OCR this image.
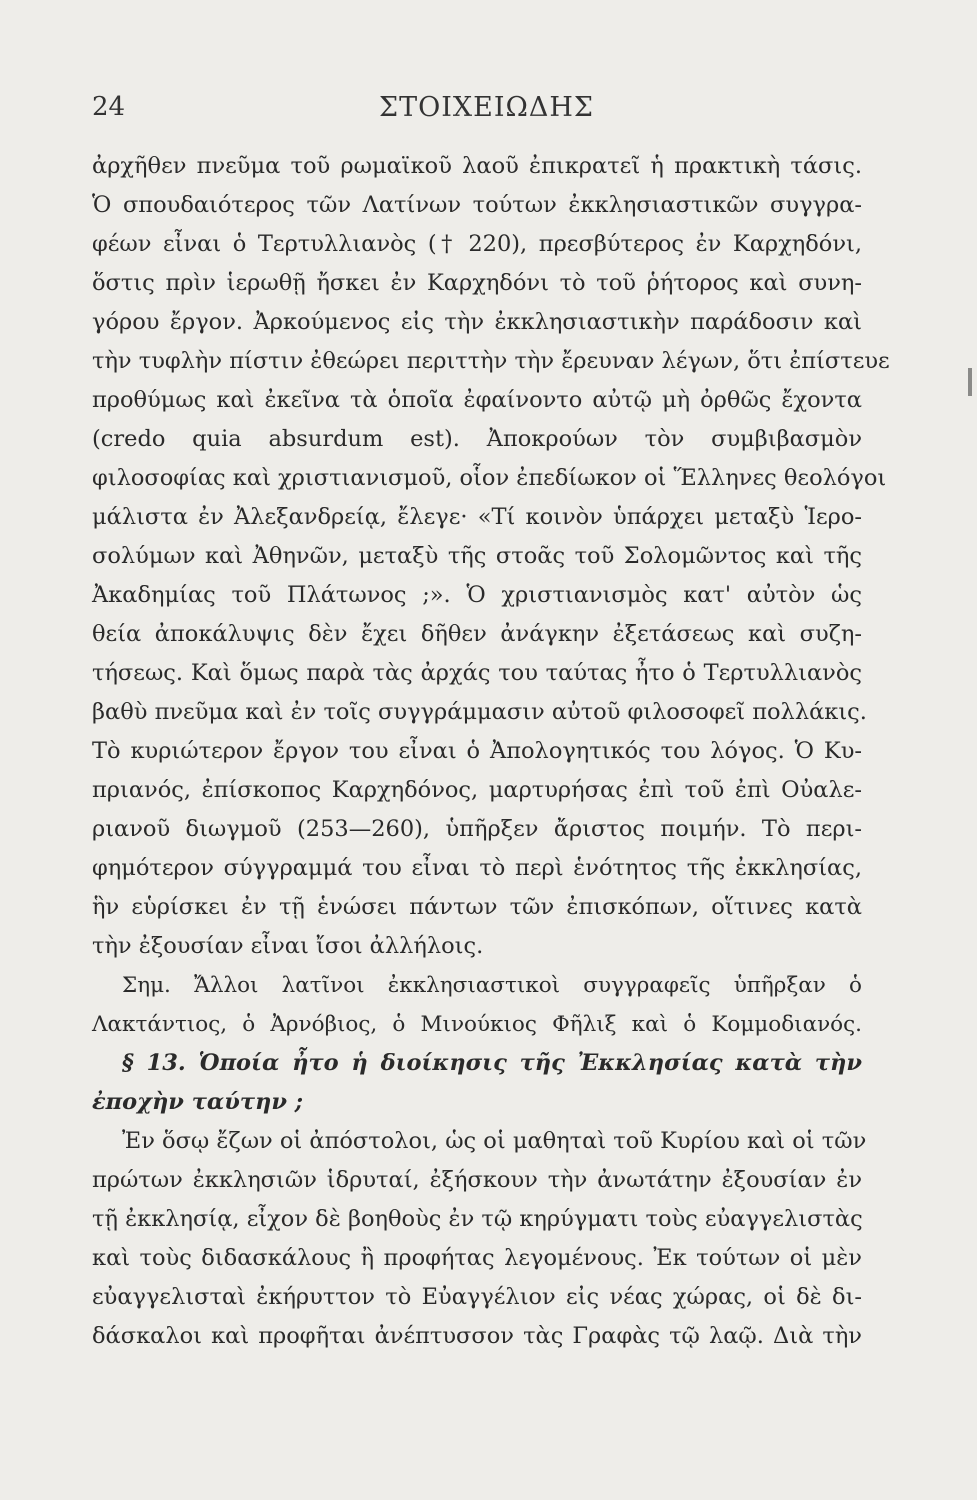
24	ΣΤΟΙΧΕΙΩΔΗΣ
ἀρχῆθεν πνεῦμα τοῦ ρωμαϊκοῦ λαοῦ ἐπικρατεῖ ἡ πρακτικὴ τάσις.
Ὁ σπουδαιότερος τῶν Λατίνων τούτων ἐκκλησιαστικῶν συγγρα-
φέων εἶναι ὁ Τερτυλλιανὸς († 220), πρεσβύτερος ἐν Καρχηδόνι,
ὅστις πρὶν ἱερωθῇ ἤσκει ἐν Καρχηδόνι τὸ τοῦ ῥήτορος καὶ συνη-
γόρου ἔργον. Ἀρκούμενος εἰς τὴν ἐκκλησιαστικὴν παράδοσιν καὶ
τὴν τυφλὴν πίστιν ἐθεώρει περιττὴν τὴν ἔρευναν λέγων, ὅτι ἐπίστευε
προθύμως καὶ ἐκεῖνα τὰ ὁποῖα ἐφαίνοντο αὐτῷ μὴ ὀρθῶς ἔχοντα
(credo quia absurdum est). Ἀποκρούων τὸν συμβιβασμὸν
φιλοσοφίας καὶ χριστιανισμοῦ, οἷον ἐπεδίωκον οἱ Ἕλληνες θεολόγοι
μάλιστα ἐν Ἀλεξανδρείᾳ, ἔλεγε· «Τί κοινὸν ὑπάρχει μεταξὺ Ἱερο-
σολύμων καὶ Ἀθηνῶν, μεταξὺ τῆς στοᾶς τοῦ Σολομῶντος καὶ τῆς
Ἀκαδημίας τοῦ Πλάτωνος ;». Ὁ χριστιανισμὸς κατ' αὐτὸν ὡς
θεία ἀποκάλυψις δὲν ἔχει δῆθεν ἀνάγκην ἐξετάσεως καὶ συζη-
τήσεως. Καὶ ὅμως παρὰ τὰς ἀρχάς του ταύτας ἦτο ὁ Τερτυλλιανὸς
βαθὺ πνεῦμα καὶ ἐν τοῖς συγγράμμασιν αὐτοῦ φιλοσοφεῖ πολλάκις.
Τὸ κυριώτερον ἔργον του εἶναι ὁ Ἀπολογητικός του λόγος. Ὁ Κυ-
πριανός, ἐπίσκοπος Καρχηδόνος, μαρτυρήσας ἐπὶ τοῦ ἐπὶ Οὐαλε-
ριανοῦ διωγμοῦ (253—260), ὑπῆρξεν ἄριστος ποιμήν. Τὸ περι-
φημότερον σύγγραμμά του εἶναι τὸ περὶ ἑνότητος τῆς ἐκκλησίας,
ἣν εὑρίσκει ἐν τῇ ἑνώσει πάντων τῶν ἐπισκόπων, οἵτινες κατὰ
τὴν ἐξουσίαν εἶναι ἴσοι ἀλλήλοις.
Σημ. Ἄλλοι λατῖνοι ἐκκλησιαστικοὶ συγγραφεῖς ὑπῆρξαν ὁ
Λακτάντιος, ὁ Ἀρνόβιος, ὁ Μινούκιος Φῆλιξ καὶ ὁ Κομμοδιανός.
§ 13. Ὁποία ἦτο ἡ διοίκησις τῆς Ἐκκλησίας κατὰ τὴν
ἐποχὴν ταύτην ;
Ἐν ὅσῳ ἔζων οἱ ἀπόστολοι, ὡς οἱ μαθηταὶ τοῦ Κυρίου καὶ οἱ τῶν
πρώτων ἐκκλησιῶν ἱδρυταί, ἐξήσκουν τὴν ἀνωτάτην ἐξουσίαν ἐν
τῇ ἐκκλησίᾳ, εἶχον δὲ βοηθοὺς ἐν τῷ κηρύγματι τοὺς εὐαγγελιστὰς
καὶ τοὺς διδασκάλους ἢ προφήτας λεγομένους. Ἐκ τούτων οἱ μὲν
εὐαγγελισταὶ ἐκήρυττον τὸ Εὐαγγέλιον εἰς νέας χώρας, οἱ δὲ δι-
δάσκαλοι καὶ προφῆται ἀνέπτυσσον τὰς Γραφὰς τῷ λαῷ. Διὰ τὴν
